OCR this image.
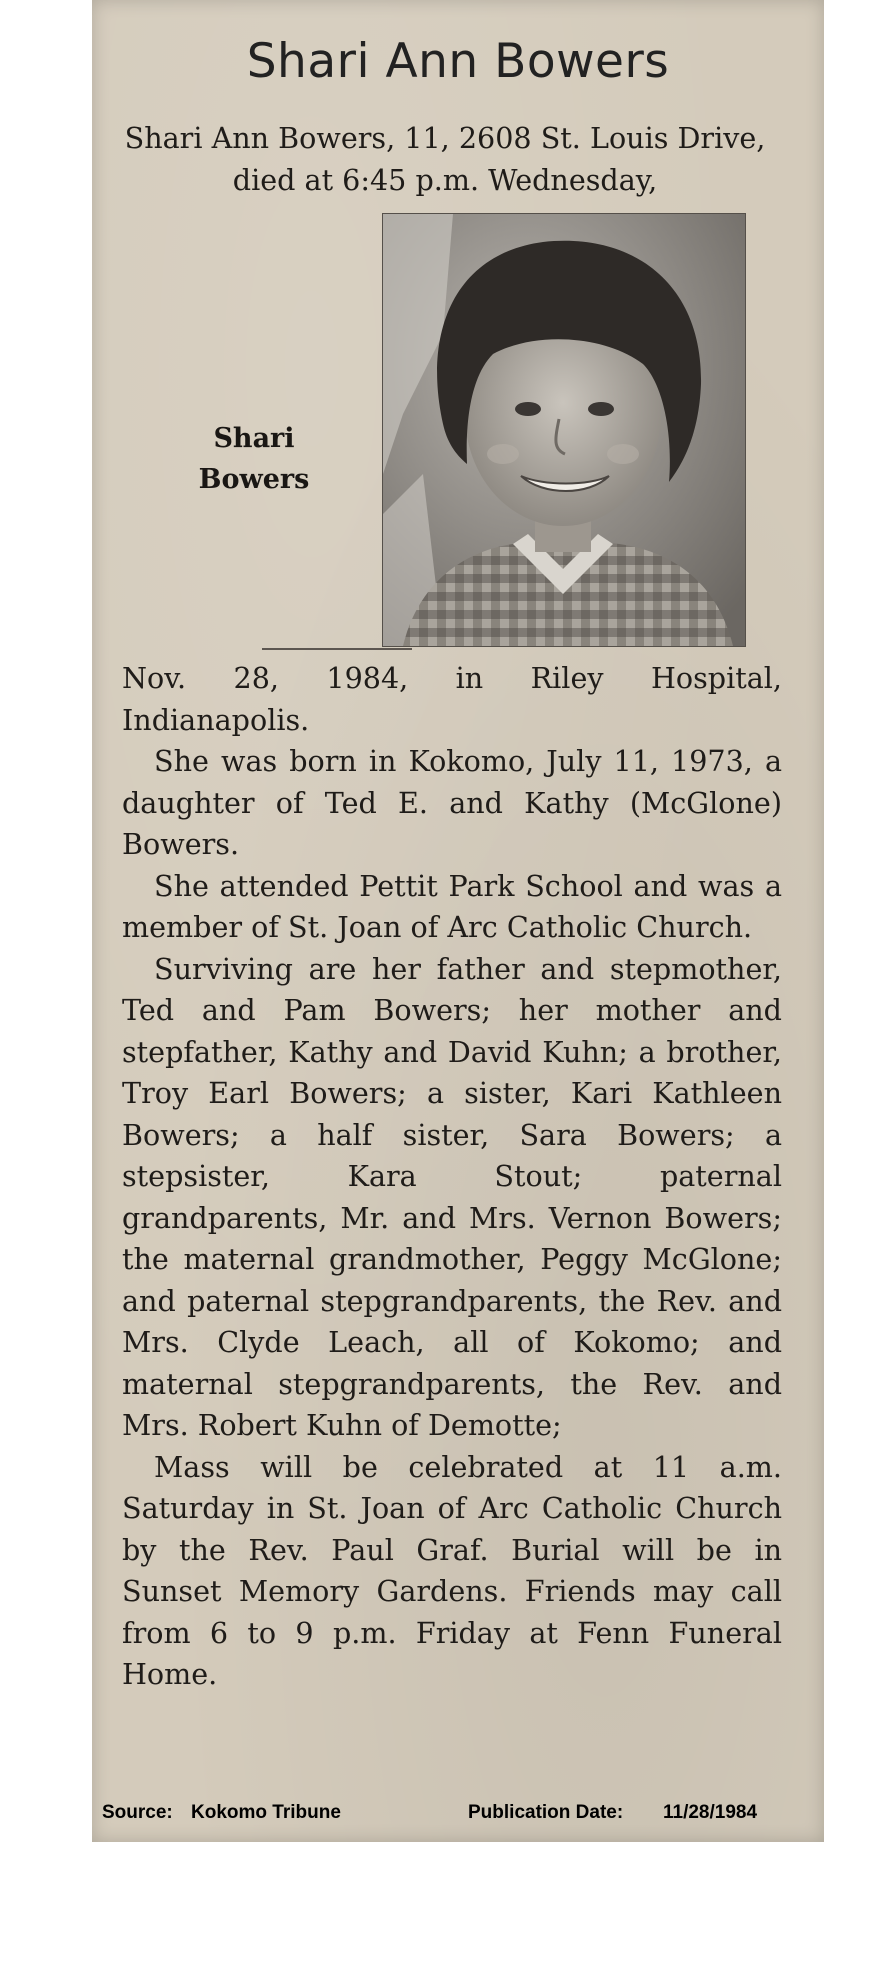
Shari Ann Bowers

Shari Ann Bowers, 11, 2608 St. Louis Drive, died at 6:45 p.m. Wednesday,

Shari
Bowers

Nov. 28, 1984, in Riley Hospital, Indianapolis.

She was born in Kokomo, July 11, 1973, a daughter of Ted E. and Kathy (McGlone) Bowers.

She attended Pettit Park School and was a member of St. Joan of Arc Catholic Church.

Surviving are her father and stepmother, Ted and Pam Bowers; her mother and stepfather, Kathy and David Kuhn; a brother, Troy Earl Bowers; a sister, Kari Kathleen Bowers; a half sister, Sara Bowers; a stepsister, Kara Stout; paternal grandparents, Mr. and Mrs. Vernon Bowers; the maternal grandmother, Peggy McGlone; and paternal stepgrandparents, the Rev. and Mrs. Clyde Leach, all of Kokomo; and maternal stepgrandparents, the Rev. and Mrs. Robert Kuhn of Demotte;

Mass will be celebrated at 11 a.m. Saturday in St. Joan of Arc Catholic Church by the Rev. Paul Graf. Burial will be in Sunset Memory Gardens. Friends may call from 6 to 9 p.m. Friday at Fenn Funeral Home.

Source: Kokomo Tribune	Publication Date: 11/28/1984
